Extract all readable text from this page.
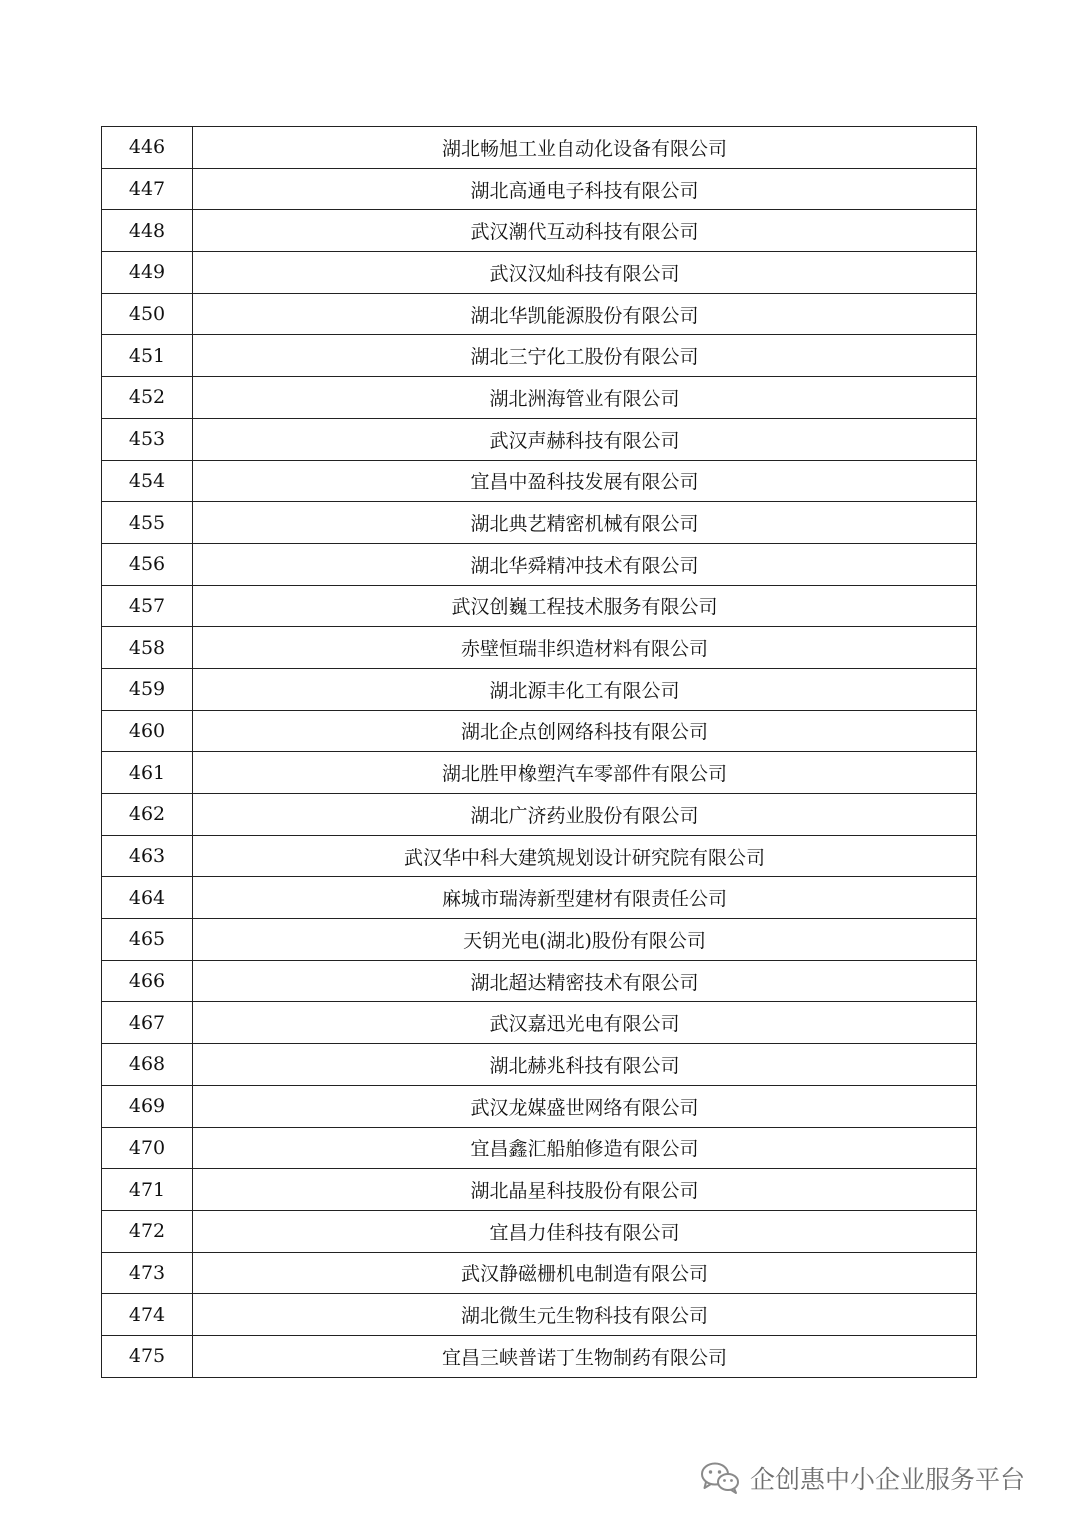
446	湖北畅旭工业自动化设备有限公司
447	湖北高通电子科技有限公司
448	武汉潮代互动科技有限公司
449	武汉汉灿科技有限公司
450	湖北华凯能源股份有限公司
451	湖北三宁化工股份有限公司
452	湖北洲海管业有限公司
453	武汉声赫科技有限公司
454	宜昌中盈科技发展有限公司
455	湖北典艺精密机械有限公司
456	湖北华舜精冲技术有限公司
457	武汉创巍工程技术服务有限公司
458	赤壁恒瑞非织造材料有限公司
459	湖北源丰化工有限公司
460	湖北企点创网络科技有限公司
461	湖北胜甲橡塑汽车零部件有限公司
462	湖北广济药业股份有限公司
463	武汉华中科大建筑规划设计研究院有限公司
464	麻城市瑞涛新型建材有限责任公司
465	天钥光电(湖北)股份有限公司
466	湖北超达精密技术有限公司
467	武汉嘉迅光电有限公司
468	湖北赫兆科技有限公司
469	武汉龙媒盛世网络有限公司
470	宜昌鑫汇船舶修造有限公司
471	湖北晶星科技股份有限公司
472	宜昌力佳科技有限公司
473	武汉静磁栅机电制造有限公司
474	湖北微生元生物科技有限公司
475	宜昌三峡普诺丁生物制药有限公司
企创惠中小企业服务平台
